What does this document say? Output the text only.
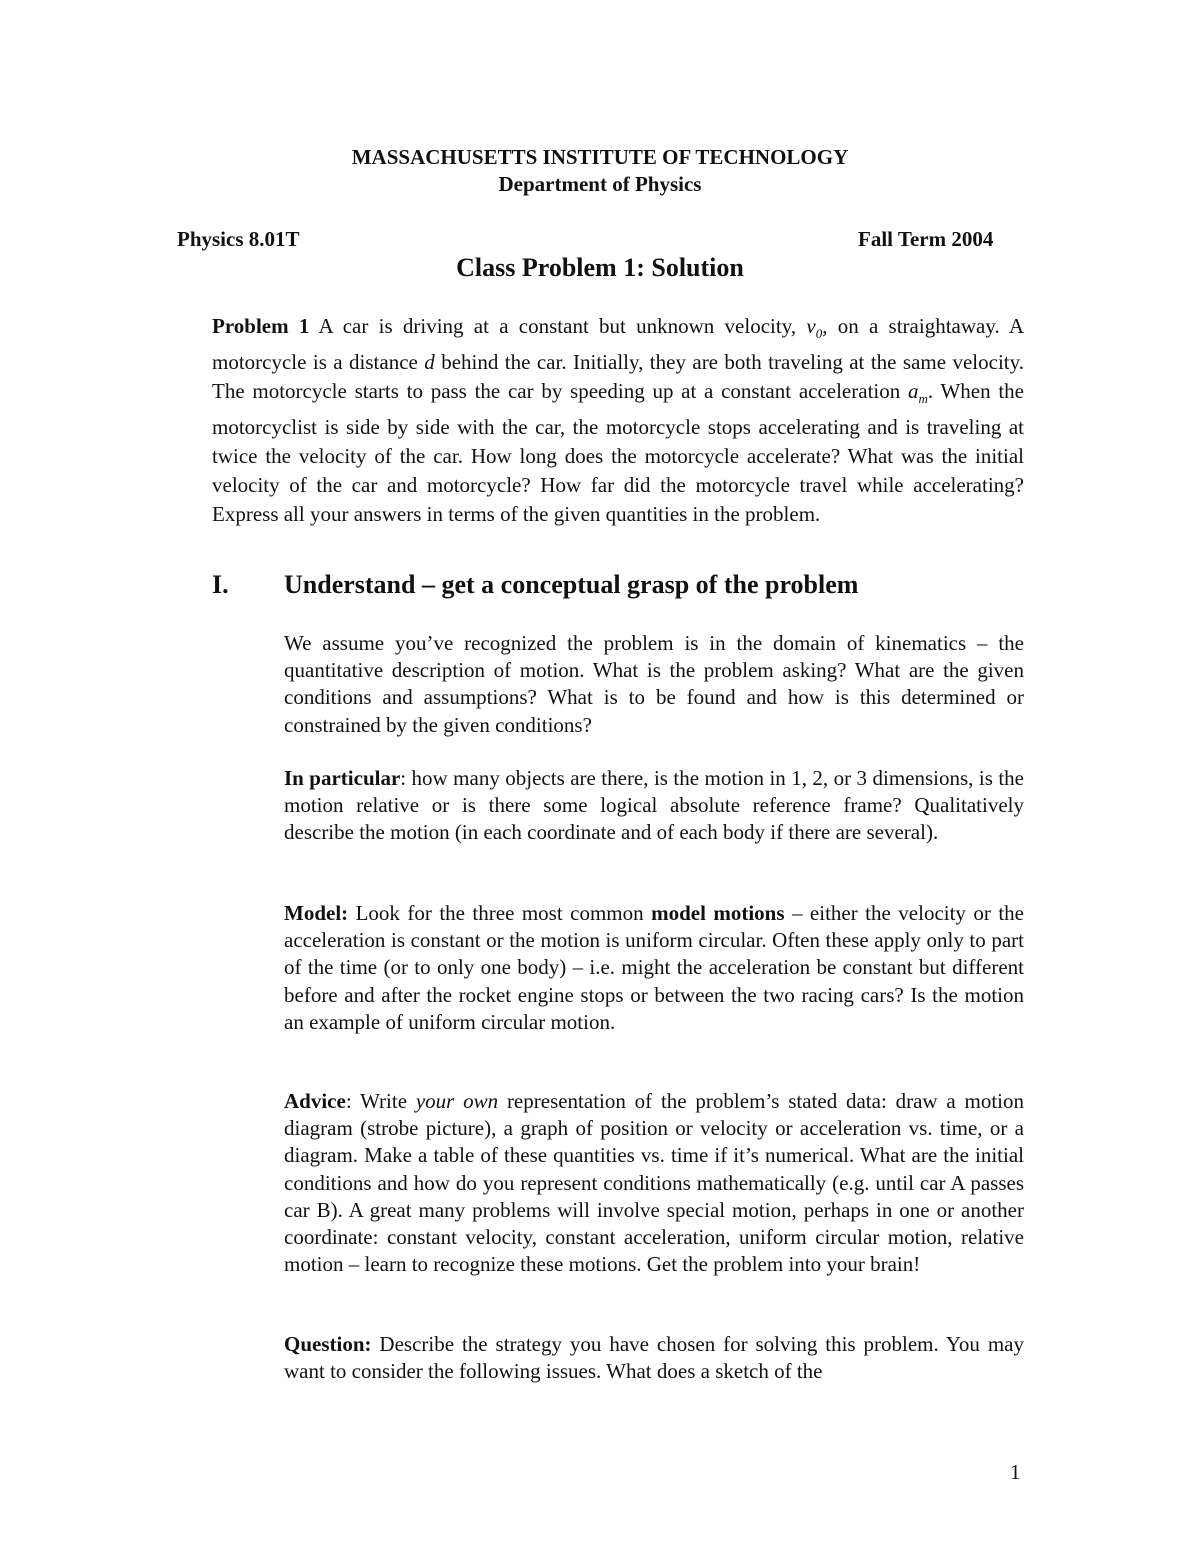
MASSACHUSETTS INSTITUTE OF TECHNOLOGY
Department of Physics
Physics 8.01T	Fall Term 2004
Class Problem 1: Solution

Problem 1 A car is driving at a constant but unknown velocity, $v_0$, on a straightaway. A motorcycle is a distance d behind the car. Initially, they are both traveling at the same velocity. The motorcycle starts to pass the car by speeding up at a constant acceleration $a_m$. When the motorcyclist is side by side with the car, the motorcycle stops accelerating and is traveling at twice the velocity of the car. How long does the motorcycle accelerate? What was the initial velocity of the car and motorcycle? How far did the motorcycle travel while accelerating? Express all your answers in terms of the given quantities in the problem.

I. Understand – get a conceptual grasp of the problem

We assume you’ve recognized the problem is in the domain of kinematics – the quantitative description of motion. What is the problem asking? What are the given conditions and assumptions? What is to be found and how is this determined or constrained by the given conditions?

In particular: how many objects are there, is the motion in 1, 2, or 3 dimensions, is the motion relative or is there some logical absolute reference frame? Qualitatively describe the motion (in each coordinate and of each body if there are several).

Model: Look for the three most common model motions – either the velocity or the acceleration is constant or the motion is uniform circular. Often these apply only to part of the time (or to only one body) – i.e. might the acceleration be constant but different before and after the rocket engine stops or between the two racing cars? Is the motion an example of uniform circular motion.

Advice: Write your own representation of the problem’s stated data: draw a motion diagram (strobe picture), a graph of position or velocity or acceleration vs. time, or a diagram. Make a table of these quantities vs. time if it’s numerical. What are the initial conditions and how do you represent conditions mathematically (e.g. until car A passes car B). A great many problems will involve special motion, perhaps in one or another coordinate: constant velocity, constant acceleration, uniform circular motion, relative motion – learn to recognize these motions. Get the problem into your brain!

Question: Describe the strategy you have chosen for solving this problem. You may want to consider the following issues. What does a sketch of the

1
